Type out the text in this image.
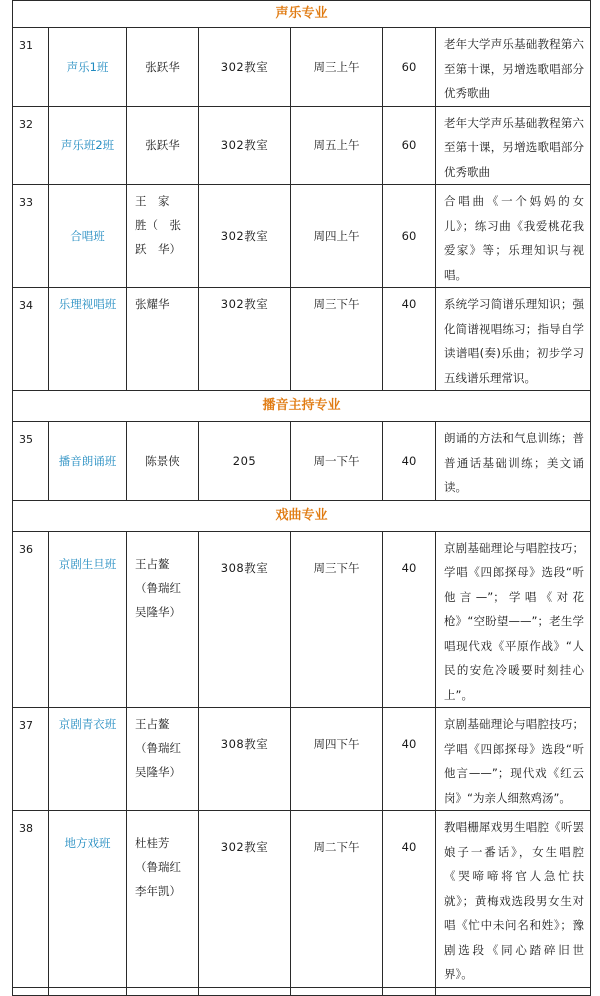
声乐专业						
31	声乐1班	张跃华	302教室	周三上午	60	老年大学声乐基础教程第六至第十课，另增选歌唱部分优秀歌曲
32	声乐班2班	张跃华	302教室	周五上午	60	老年大学声乐基础教程第六至第十课，另增选歌唱部分优秀歌曲
33	合唱班	王　家　胜（　张　跃　华）	302教室	周四上午	60	合唱曲《一个妈妈的女儿》；练习曲《我爱桃花我爱家》等；乐理知识与视唱。
34	乐理视唱班	张耀华	302教室	周三下午	40	系统学习简谱乐理知识；强化简谱视唱练习；指导自学读谱唱(奏)乐曲；初步学习五线谱乐理常识。
播音主持专业						
35	播音朗诵班	陈景俠	205	周一下午	40	朗诵的方法和气息训练；普普通话基础训练；美文诵读。
戏曲专业						
36	京剧生旦班	王占鳌（鲁瑞红 吴隆华）	308教室	周三下午	40	京剧基础理论与唱腔技巧；学唱《四郎探母》选段“听他言—”；学唱《对花枪》“空盼望——”；老生学唱现代戏《平原作战》“人民的安危冷暖要时刻挂心上”。
37	京剧青衣班	王占鳌（鲁瑞红 吴隆华）	308教室	周四下午	40	京剧基础理论与唱腔技巧；学唱《四郎探母》选段“听他言——”；现代戏《红云岗》“为亲人细熬鸡汤”。
38	地方戏班	杜桂芳（鲁瑞红 李年凯）	302教室	周二下午	40	教唱栅犀戏男生唱腔《听罢娘子一番话》，女生唱腔《哭啼啼将官人急忙扶就》；黄梅戏选段男女生对唱《忙中未问名和姓》；豫剧选段《同心踏碎旧世界》。
